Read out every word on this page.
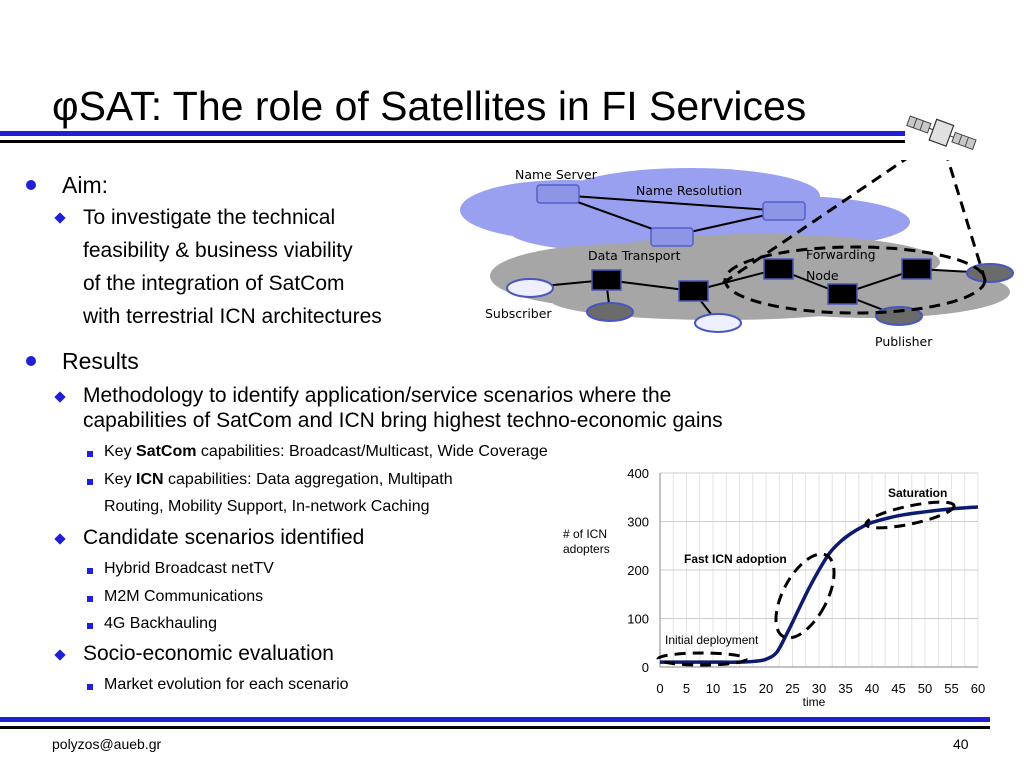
φSAT: The role of Satellites in FI Services
Aim:
To investigate the technical
feasibility & business viability
of the integration of SatCom
with terrestrial ICN architectures
Results
Methodology to identify application/service scenarios where the
capabilities of SatCom and ICN bring highest techno-economic gains
Key SatCom capabilities: Broadcast/Multicast, Wide Coverage
Key ICN capabilities: Data aggregation, Multipath
Routing, Mobility Support, In-network Caching
Candidate scenarios identified
Hybrid Broadcast netTV
M2M Communications
4G Backhauling
Socio-economic evaluation
Market evolution for each scenario
Name Server
Name Resolution
Data Transport	Forwarding
Node
Subscriber
Publisher
0
100
200
300
400
0 5 10 15 20 25 30 35 40 45 50 55 60
Saturation
Fast ICN adoption
Initial deployment
# of ICN adopters
time
polyzos@aueb.gr	40
